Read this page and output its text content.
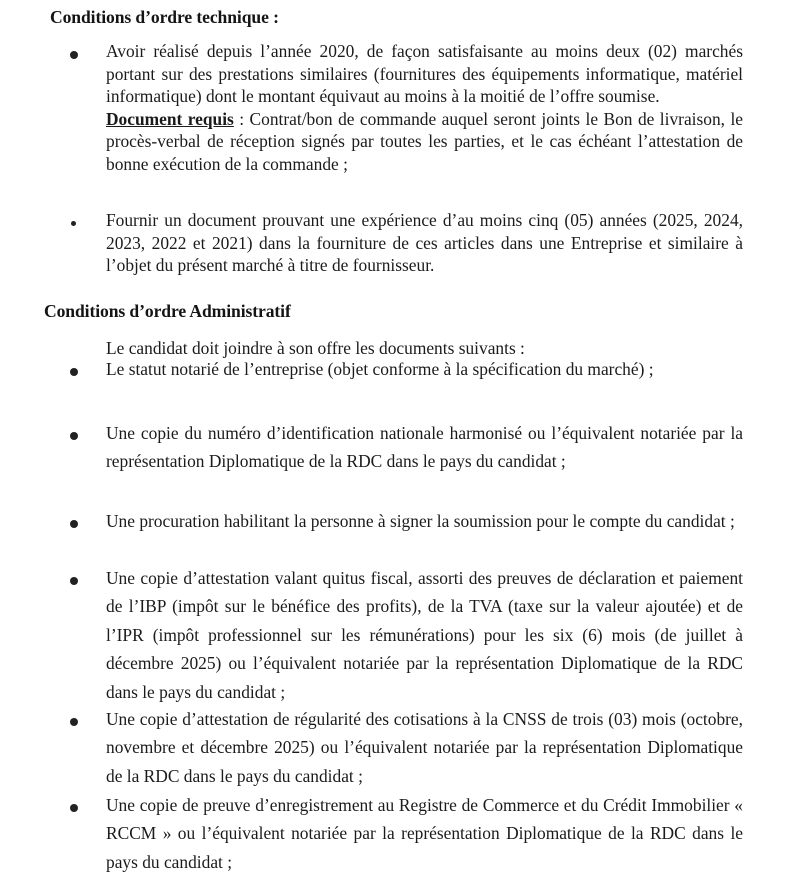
Conditions d’ordre technique :
Avoir réalisé depuis l’année 2020, de façon satisfaisante au moins deux (02) marchés portant sur des prestations similaires (fournitures des équipements informatique, matériel informatique) dont le montant équivaut au moins à la moitié de l’offre soumise.
Document requis : Contrat/bon de commande auquel seront joints le Bon de livraison, le procès-verbal de réception signés par toutes les parties, et le cas échéant l’attestation de bonne exécution de la commande ;
Fournir un document prouvant une expérience d’au moins cinq (05) années (2025, 2024, 2023, 2022 et 2021) dans la fourniture de ces articles dans une Entreprise et similaire à l’objet du présent marché à titre de fournisseur.
Conditions d’ordre Administratif
Le candidat doit joindre à son offre les documents suivants :
Le statut notarié de l’entreprise (objet conforme à la spécification du marché) ;
Une copie du numéro d’identification nationale harmonisé ou l’équivalent notariée par la représentation Diplomatique de la RDC dans le pays du candidat ;
Une procuration habilitant la personne à signer la soumission pour le compte du candidat ;
Une copie d’attestation valant quitus fiscal, assorti des preuves de déclaration et paiement de l’IBP (impôt sur le bénéfice des profits), de la TVA (taxe sur la valeur ajoutée) et de l’IPR (impôt professionnel sur les rémunérations) pour les six (6) mois (de juillet à décembre 2025) ou l’équivalent notariée par la représentation Diplomatique de la RDC dans le pays du candidat ;
Une copie d’attestation de régularité des cotisations à la CNSS de trois (03) mois (octobre, novembre et décembre 2025) ou l’équivalent notariée par la représentation Diplomatique de la RDC dans le pays du candidat ;
Une copie de preuve d’enregistrement au Registre de Commerce et du Crédit Immobilier « RCCM » ou l’équivalent notariée par la représentation Diplomatique de la RDC dans le pays du candidat ;
